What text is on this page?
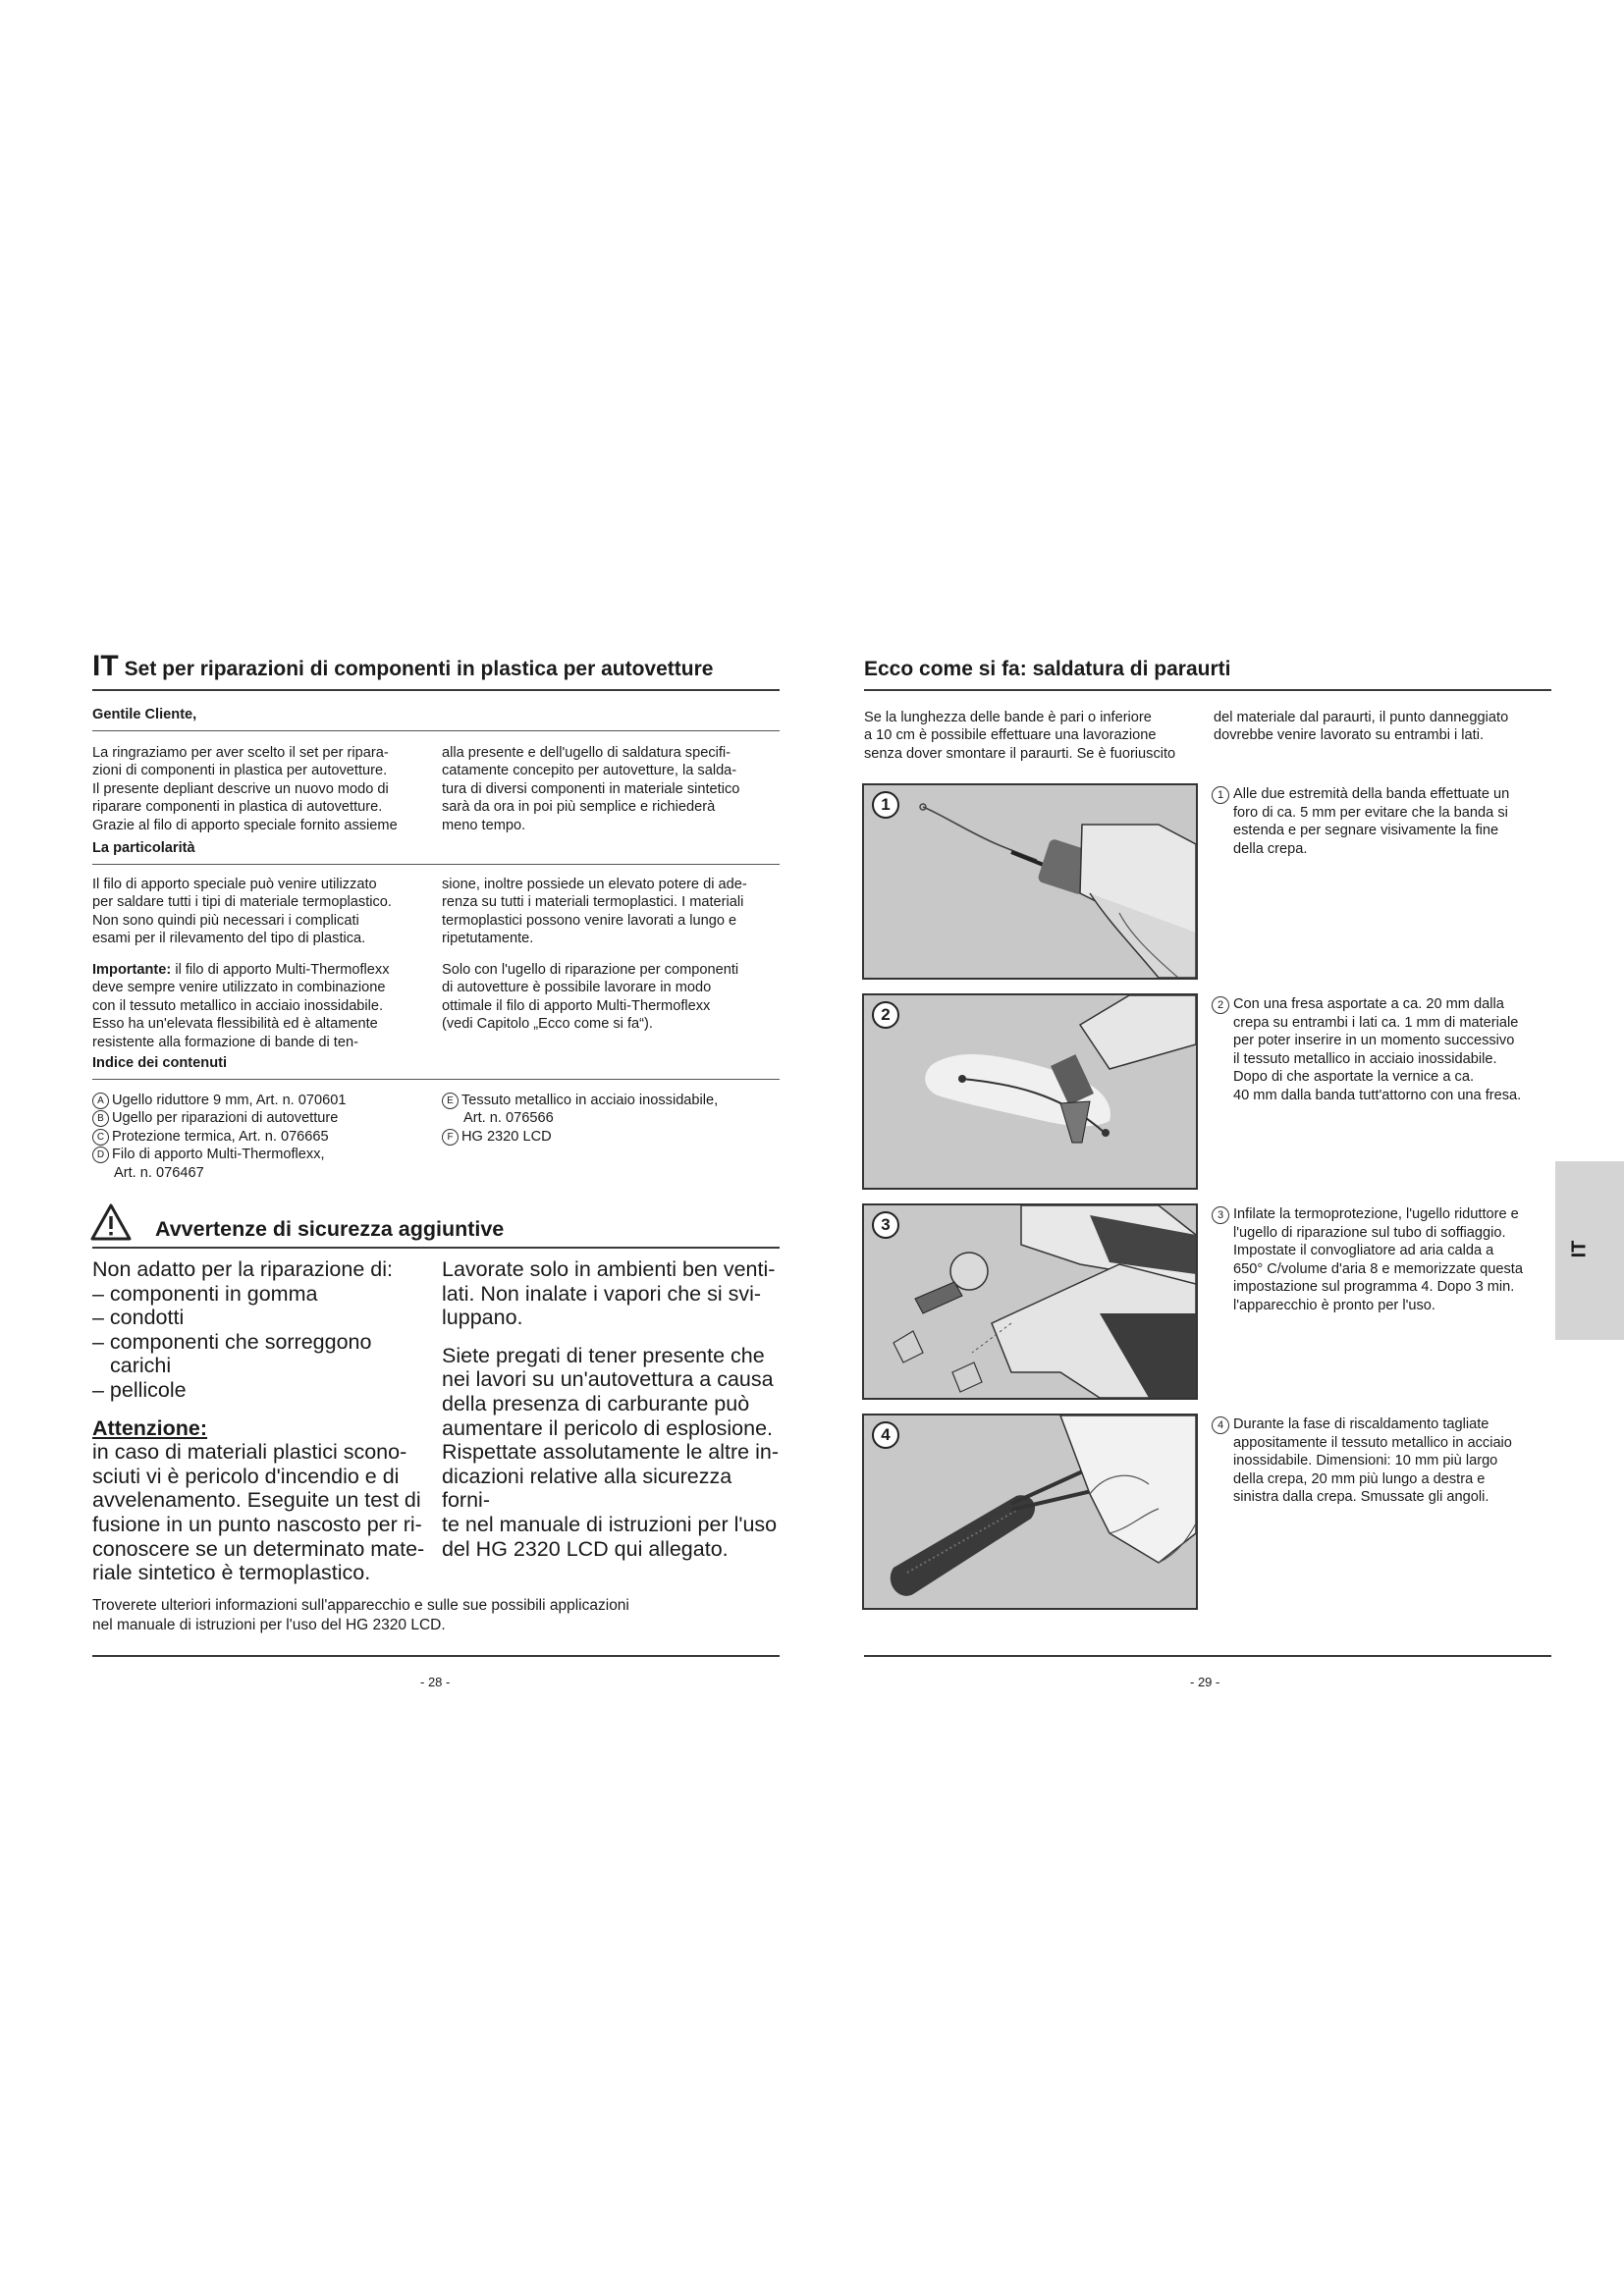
IT Set per riparazioni di componenti in plastica per autovetture
Gentile Cliente,

La ringraziamo per aver scelto il set per ripara-

zioni di componenti in plastica per autovetture.

Il presente depliant descrive un nuovo modo di

riparare componenti in plastica di autovetture.

Grazie al filo di apporto speciale fornito assieme

alla presente e dell'ugello di saldatura specifi-

catamente concepito per autovetture, la salda-

tura di diversi componenti in materiale sintetico

sarà da ora in poi più semplice e richiederà

meno tempo.

La particolarità

Il filo di apporto speciale può venire utilizzato

per saldare tutti i tipi di materiale termoplastico.

Non sono quindi più necessari i complicati

esami per il rilevamento del tipo di plastica.

sione, inoltre possiede un elevato potere di ade-

renza su tutti i materiali termoplastici. I materiali

termoplastici possono venire lavorati a lungo e

ripetutamente.

Importante: il filo di apporto Multi-Thermoflexx

deve sempre venire utilizzato in combinazione

con il tessuto metallico in acciaio inossidabile.

Esso ha un'elevata flessibilità ed è altamente

resistente alla formazione di bande di ten-

Solo con l'ugello di riparazione per componenti

di autovetture è possibile lavorare in modo

ottimale il filo di apporto Multi-Thermoflexx

(vedi Capitolo „Ecco come si fa“).

Indice dei contenuti

A Ugello riduttore 9 mm, Art. n. 070601

B Ugello per riparazioni di autovetture

C Protezione termica, Art. n. 076665

D Filo di apporto Multi-Thermoflexx,

Art. n. 076467

E Tessuto metallico in acciaio inossidabile,

Art. n. 076566

F HG 2320 LCD

Avvertenze di sicurezza aggiuntive

Non adatto per la riparazione di:

– componenti in gomma

– condotti

– componenti che sorreggono

carichi

– pellicole

Attenzione:

in caso di materiali plastici scono-

sciuti vi è pericolo d'incendio e di

avvelenamento. Eseguite un test di

fusione in un punto nascosto per ri-

conoscere se un determinato mate-

riale sintetico è termoplastico.

Lavorate solo in ambienti ben venti-

lati. Non inalate i vapori che si svi-

luppano.

Siete pregati di tener presente che

nei lavori su un'autovettura a causa

della presenza di carburante può

aumentare il pericolo di esplosione.

Rispettate assolutamente le altre in-

dicazioni relative alla sicurezza forni-

te nel manuale di istruzioni per l'uso

del HG 2320 LCD qui allegato.

Troverete ulteriori informazioni sull'apparecchio e sulle sue possibili applicazioni

nel manuale di istruzioni per l'uso del HG 2320 LCD.

- 28 -
Ecco come si fa: saldatura di paraurti

Se la lunghezza delle bande è pari o inferiore

a 10 cm è possibile effettuare una lavorazione

senza dover smontare il paraurti. Se è fuoriuscito

del materiale dal paraurti, il punto danneggiato

dovrebbe venire lavorato su entrambi i lati.

1
2
3
4
1 Alle due estremità della banda effettuate un
foro di ca. 5 mm per evitare che la banda si
estenda e per segnare visivamente la fine
della crepa.
2 Con una fresa asportate a ca. 20 mm dalla
crepa su entrambi i lati ca. 1 mm di materiale
per poter inserire in un momento successivo
il tessuto metallico in acciaio inossidabile.
Dopo di che asportate la vernice a ca.
40 mm dalla banda tutt'attorno con una fresa.
3 Infilate la termoprotezione, l'ugello riduttore e
l'ugello di riparazione sul tubo di soffiaggio.
Impostate il convogliatore ad aria calda a
650° C/volume d'aria 8 e memorizzate questa
impostazione sul programma 4. Dopo 3 min.
l'apparecchio è pronto per l'uso.
4 Durante la fase di riscaldamento tagliate
appositamente il tessuto metallico in acciaio
inossidabile. Dimensioni: 10 mm più largo
della crepa, 20 mm più lungo a destra e
sinistra dalla crepa. Smussate gli angoli.
IT
- 29 -
